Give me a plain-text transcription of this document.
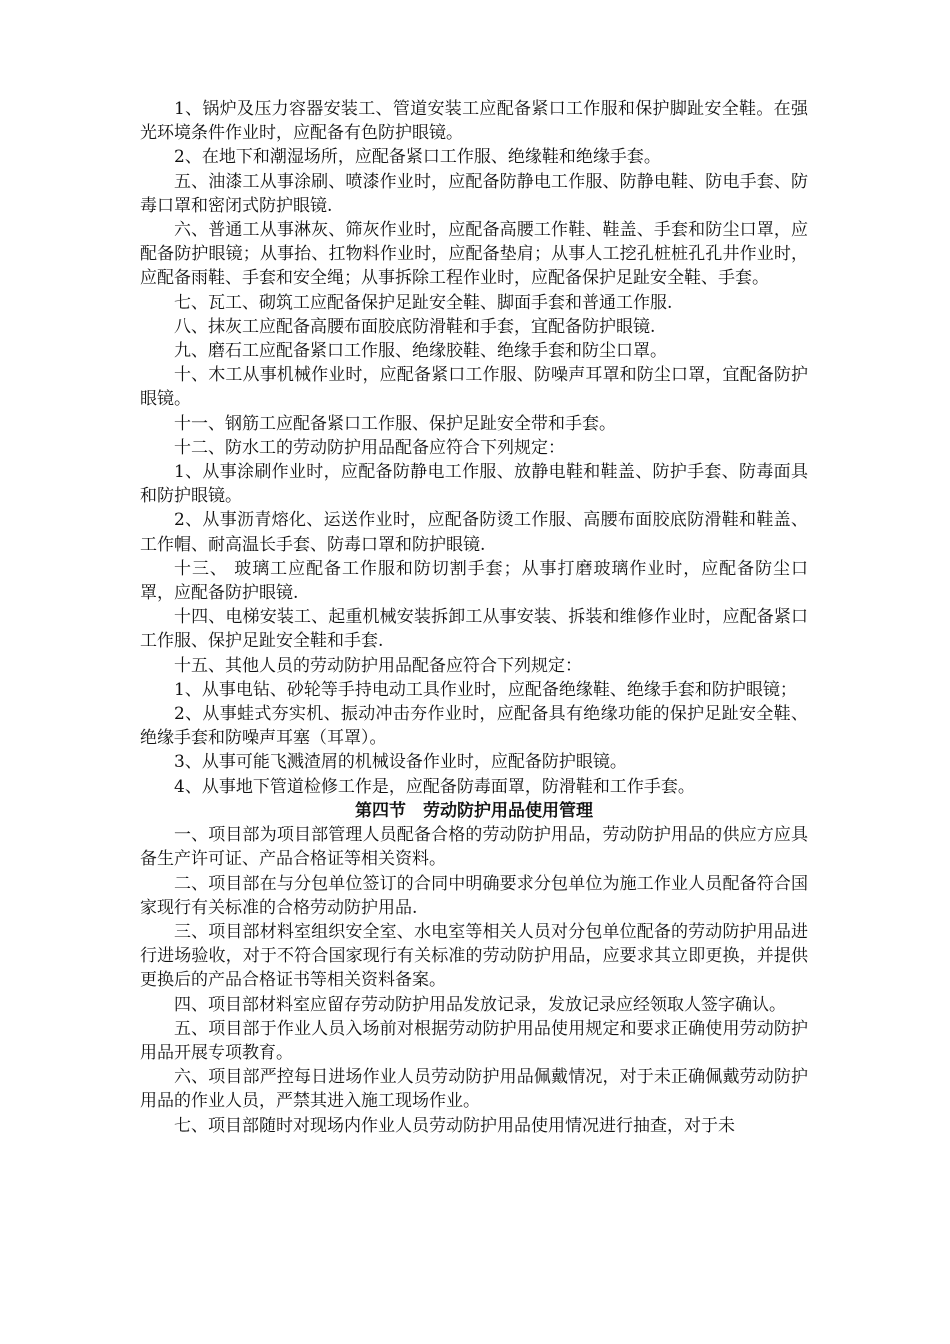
1、锅炉及压力容器安装工、管道安装工应配备紧口工作服和保护脚趾安全鞋。在强光环境条件作业时，应配备有色防护眼镜。

2、在地下和潮湿场所，应配备紧口工作服、绝缘鞋和绝缘手套。

五、油漆工从事涂刷、喷漆作业时，应配备防静电工作服、防静电鞋、防电手套、防毒口罩和密闭式防护眼镜.

六、普通工从事淋灰、筛灰作业时，应配备高腰工作鞋、鞋盖、手套和防尘口罩，应配备防护眼镜；从事抬、扛物料作业时，应配备垫肩；从事人工挖孔桩桩孔孔井作业时，应配备雨鞋、手套和安全绳；从事拆除工程作业时，应配备保护足趾安全鞋、手套。

七、瓦工、砌筑工应配备保护足趾安全鞋、脚面手套和普通工作服.

八、抹灰工应配备高腰布面胶底防滑鞋和手套，宜配备防护眼镜.

九、磨石工应配备紧口工作服、绝缘胶鞋、绝缘手套和防尘口罩。

十、木工从事机械作业时，应配备紧口工作服、防噪声耳罩和防尘口罩，宜配备防护眼镜。

十一、钢筋工应配备紧口工作服、保护足趾安全带和手套。

十二、防水工的劳动防护用品配备应符合下列规定：

1、从事涂刷作业时，应配备防静电工作服、放静电鞋和鞋盖、防护手套、防毒面具和防护眼镜。

2、从事沥青熔化、运送作业时，应配备防烫工作服、高腰布面胶底防滑鞋和鞋盖、工作帽、耐高温长手套、防毒口罩和防护眼镜.

十三、 玻璃工应配备工作服和防切割手套；从事打磨玻璃作业时，应配备防尘口罩，应配备防护眼镜.

十四、电梯安装工、起重机械安装拆卸工从事安装、拆装和维修作业时，应配备紧口工作服、保护足趾安全鞋和手套.

十五、其他人员的劳动防护用品配备应符合下列规定：

1、从事电钻、砂轮等手持电动工具作业时，应配备绝缘鞋、绝缘手套和防护眼镜；

2、从事蛙式夯实机、振动冲击夯作业时，应配备具有绝缘功能的保护足趾安全鞋、绝缘手套和防噪声耳塞（耳罩）。

3、从事可能飞溅渣屑的机械设备作业时，应配备防护眼镜。

4、从事地下管道检修工作是，应配备防毒面罩，防滑鞋和工作手套。

第四节　劳动防护用品使用管理

一、项目部为项目部管理人员配备合格的劳动防护用品，劳动防护用品的供应方应具备生产许可证、产品合格证等相关资料。

二、项目部在与分包单位签订的合同中明确要求分包单位为施工作业人员配备符合国家现行有关标准的合格劳动防护用品.

三、项目部材料室组织安全室、水电室等相关人员对分包单位配备的劳动防护用品进行进场验收，对于不符合国家现行有关标准的劳动防护用品，应要求其立即更换，并提供更换后的产品合格证书等相关资料备案。

四、项目部材料室应留存劳动防护用品发放记录，发放记录应经领取人签字确认。

五、项目部于作业人员入场前对根据劳动防护用品使用规定和要求正确使用劳动防护用品开展专项教育。

六、项目部严控每日进场作业人员劳动防护用品佩戴情况，对于未正确佩戴劳动防护用品的作业人员，严禁其进入施工现场作业。

七、项目部随时对现场内作业人员劳动防护用品使用情况进行抽查，对于未
